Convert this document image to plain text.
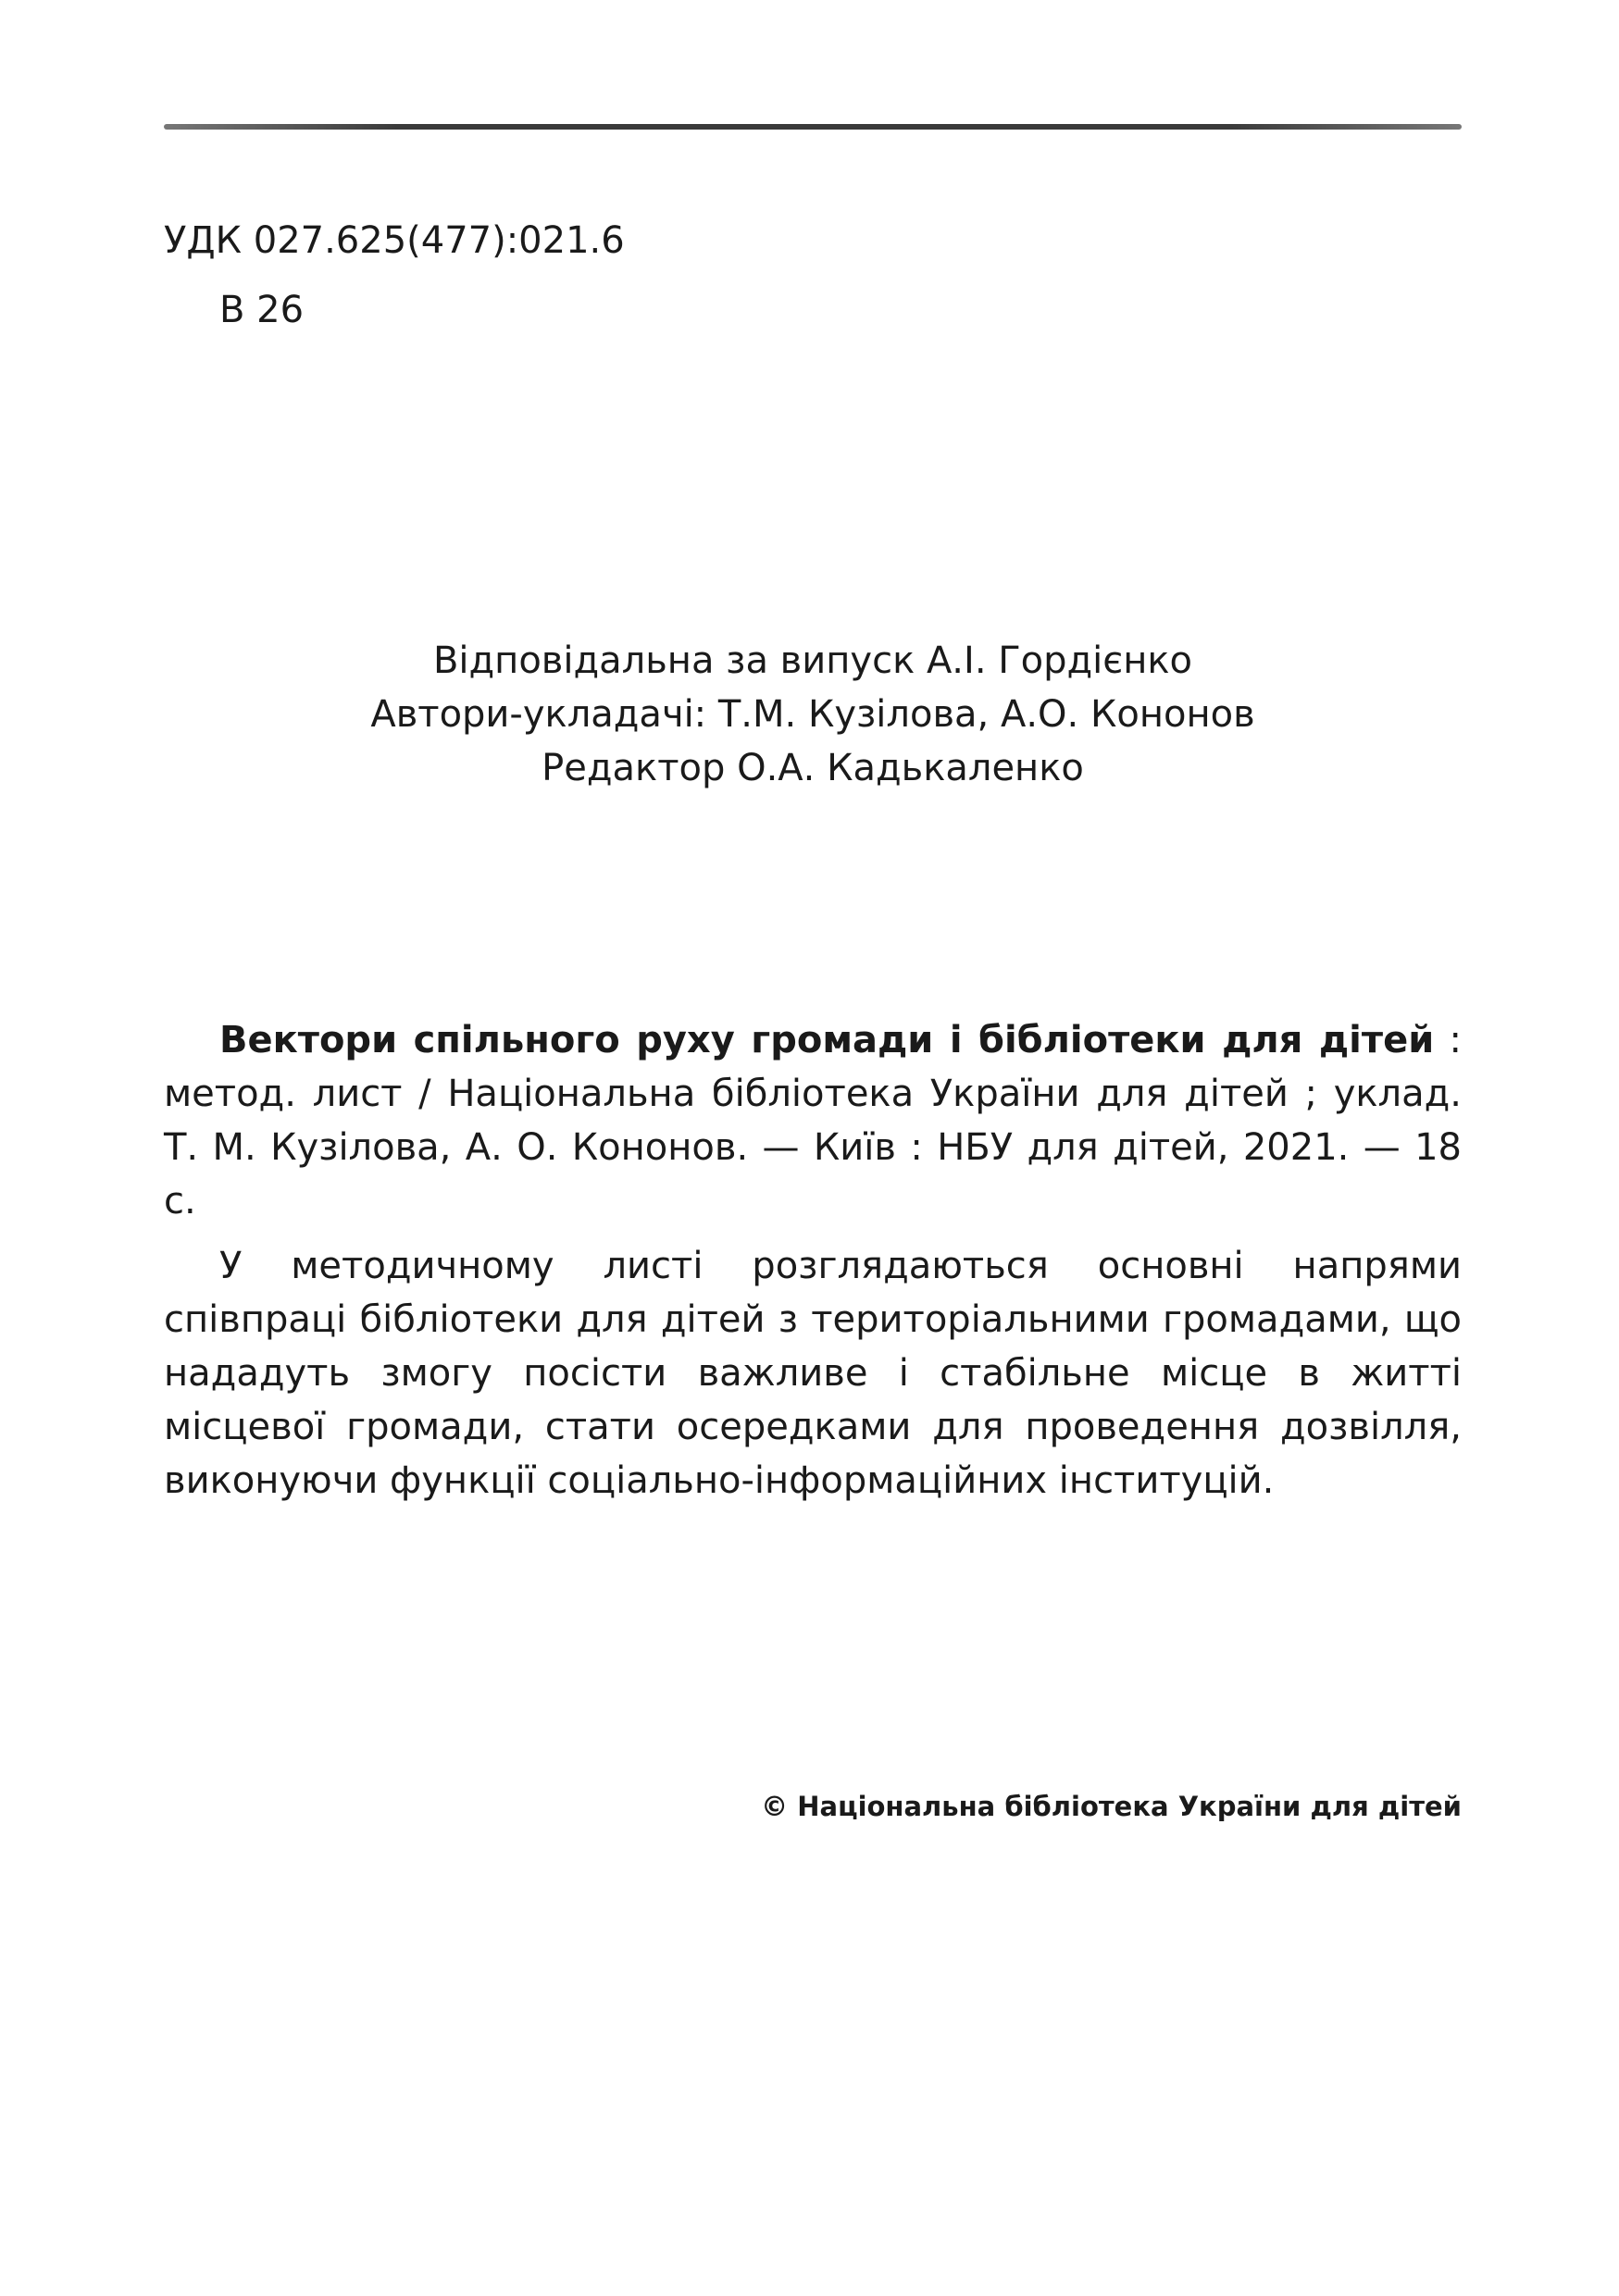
УДК 027.625(477):021.6
В 26
Відповідальна за випуск А.І. Гордієнко
Автори-укладачі: Т.М. Кузілова, А.О. Кононов
Редактор О.А. Кадькаленко

Вектори спільного руху громади і бібліотеки для дітей : метод. лист / Національна бібліотека України для дітей ; уклад. Т. М. Кузілова, А. О. Кононов. — Київ : НБУ для дітей, 2021. — 18 с.

У методичному листі розглядаються основні напрями співпраці бібліотеки для дітей з територіальними громадами, що нададуть змогу посісти важливе і стабільне місце в житті місцевої громади, стати осередками для проведення дозвілля, виконуючи функції соціально-інформаційних інституцій.

© Національна бібліотека України для дітей
